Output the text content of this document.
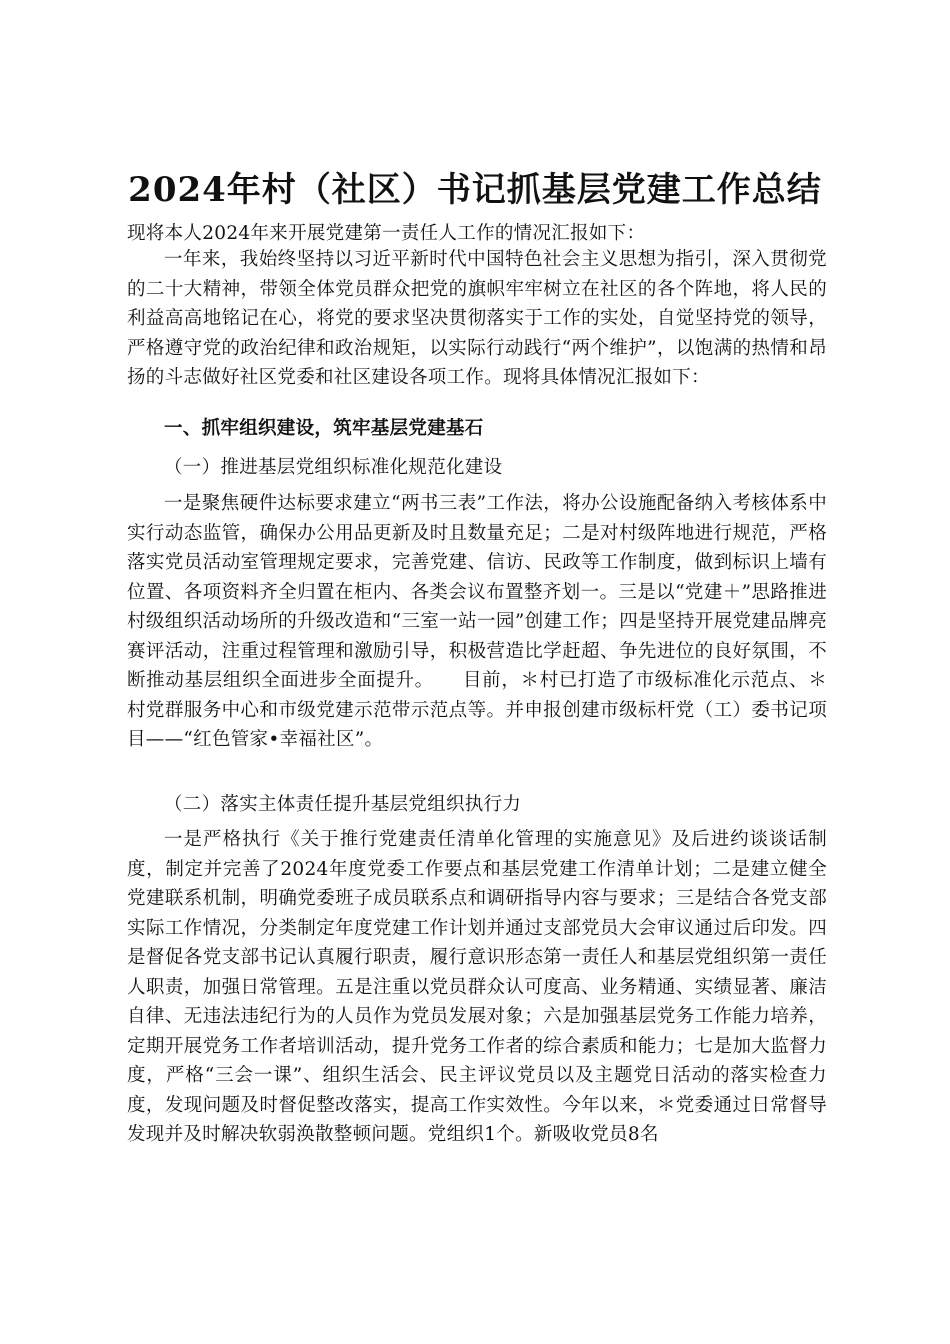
2024年村（社区）书记抓基层党建工作总结
现将本人2024年来开展党建第一责任人工作的情况汇报如下：
一年来，我始终坚持以习近平新时代中国特色社会主义思想为指引，深入贯彻党的二十大精神，带领全体党员群众把党的旗帜牢牢树立在社区的各个阵地，将人民的利益高高地铭记在心，将党的要求坚决贯彻落实于工作的实处，自觉坚持党的领导，严格遵守党的政治纪律和政治规矩，以实际行动践行“两个维护”，以饱满的热情和昂扬的斗志做好社区党委和社区建设各项工作。现将具体情况汇报如下：
一、抓牢组织建设，筑牢基层党建基石
（一）推进基层党组织标准化规范化建设
一是聚焦硬件达标要求建立“两书三表”工作法，将办公设施配备纳入考核体系中实行动态监管，确保办公用品更新及时且数量充足；二是对村级阵地进行规范，严格落实党员活动室管理规定要求，完善党建、信访、民政等工作制度，做到标识上墙有位置、各项资料齐全归置在柜内、各类会议布置整齐划一。三是以“党建＋”思路推进村级组织活动场所的升级改造和“三室一站一园”创建工作；四是坚持开展党建品牌亮赛评活动，注重过程管理和激励引导，积极营造比学赶超、争先进位的良好氛围，不断推动基层组织全面进步全面提升。　　目前，＊村已打造了市级标准化示范点、＊村党群服务中心和市级党建示范带示范点等。并申报创建市级标杆党（工）委书记项目——“红色管家•幸福社区”。
（二）落实主体责任提升基层党组织执行力
一是严格执行《关于推行党建责任清单化管理的实施意见》及后进约谈谈话制度，制定并完善了2024年度党委工作要点和基层党建工作清单计划；二是建立健全党建联系机制，明确党委班子成员联系点和调研指导内容与要求；三是结合各党支部实际工作情况，分类制定年度党建工作计划并通过支部党员大会审议通过后印发。四是督促各党支部书记认真履行职责，履行意识形态第一责任人和基层党组织第一责任人职责，加强日常管理。五是注重以党员群众认可度高、业务精通、实绩显著、廉洁自律、无违法违纪行为的人员作为党员发展对象；六是加强基层党务工作能力培养，定期开展党务工作者培训活动，提升党务工作者的综合素质和能力；七是加大监督力度，严格“三会一课”、组织生活会、民主评议党员以及主题党日活动的落实检查力度，发现问题及时督促整改落实，提高工作实效性。今年以来，＊党委通过日常督导发现并及时解决软弱涣散整顿问题。党组织1个。新吸收党员8名
